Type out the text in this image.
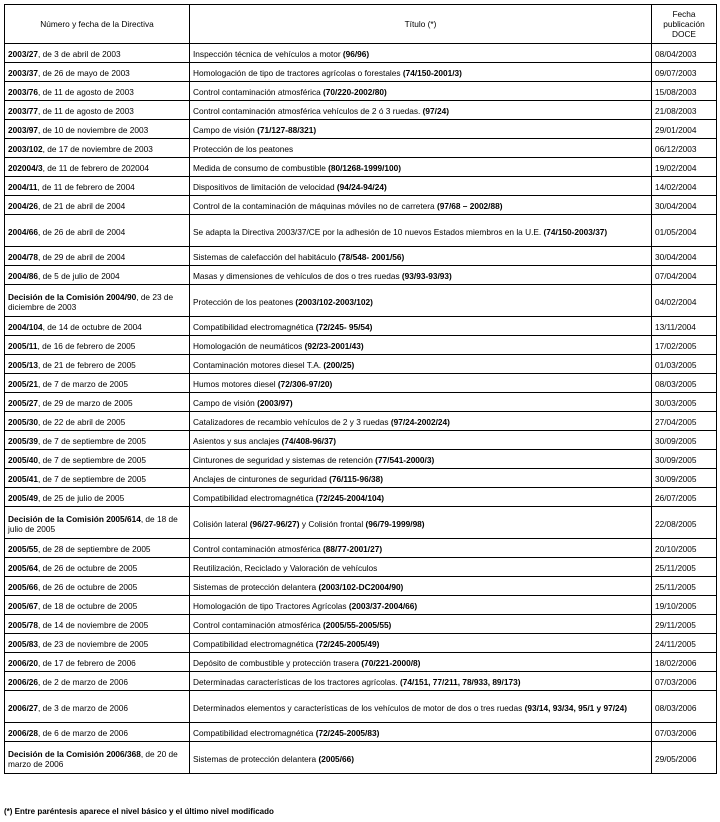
Número y fecha de la Directiva	Título (*)	Fecha publicación DOCE
2003/27, de 3 de abril de 2003	Inspección técnica de vehículos a motor (96/96)	08/04/2003
2003/37, de 26 de mayo de 2003	Homologación de tipo de tractores agrícolas o forestales (74/150-2001/3)	09/07/2003
2003/76, de 11 de agosto de 2003	Control contaminación atmosférica (70/220-2002/80)	15/08/2003
2003/77, de 11 de agosto de 2003	Control contaminación atmosférica vehículos de 2 ó 3 ruedas. (97/24)	21/08/2003
2003/97, de 10 de noviembre de 2003	Campo de visión (71/127-88/321)	29/01/2004
2003/102, de 17 de noviembre de 2003	Protección de los peatones	06/12/2003
202004/3, de 11 de febrero de 202004	Medida de consumo de combustible (80/1268-1999/100)	19/02/2004
2004/11, de 11 de febrero de 2004	Dispositivos de limitación de velocidad (94/24-94/24)	14/02/2004
2004/26, de 21 de abril de 2004	Control de la contaminación de máquinas móviles no de carretera (97/68 – 2002/88)	30/04/2004
2004/66, de 26 de abril de 2004	Se adapta la Directiva 2003/37/CE por la adhesión de 10 nuevos Estados miembros en la U.E. (74/150-2003/37)	01/05/2004
2004/78, de 29 de abril de 2004	Sistemas de calefacción del habitáculo (78/548- 2001/56)	30/04/2004
2004/86, de 5 de julio de 2004	Masas y dimensiones de vehículos de dos o tres ruedas (93/93-93/93)	07/04/2004
Decisión de la Comisión 2004/90, de 23 de diciembre de 2003	Protección de los peatones (2003/102-2003/102)	04/02/2004
2004/104, de 14 de octubre de 2004	Compatibilidad electromagnética (72/245- 95/54)	13/11/2004
2005/11, de 16 de febrero de 2005	Homologación de neumáticos (92/23-2001/43)	17/02/2005
2005/13, de 21 de febrero de 2005	Contaminación motores diesel T.A. (200/25)	01/03/2005
2005/21, de 7 de marzo de 2005	Humos motores diesel (72/306-97/20)	08/03/2005
2005/27, de 29 de marzo de 2005	Campo de visión (2003/97)	30/03/2005
2005/30, de 22 de abril de 2005	Catalizadores de recambio vehículos de 2 y 3 ruedas (97/24-2002/24)	27/04/2005
2005/39, de 7 de septiembre de 2005	Asientos y sus anclajes (74/408-96/37)	30/09/2005
2005/40, de 7 de septiembre de 2005	Cinturones de seguridad y sistemas de retención (77/541-2000/3)	30/09/2005
2005/41, de 7 de septiembre de 2005	Anclajes de cinturones de seguridad (76/115-96/38)	30/09/2005
2005/49, de 25 de julio de 2005	Compatibilidad electromagnética (72/245-2004/104)	26/07/2005
Decisión de la Comisión 2005/614, de 18 de julio de 2005	Colisión lateral (96/27-96/27) y Colisión frontal (96/79-1999/98)	22/08/2005
2005/55, de 28 de septiembre de 2005	Control contaminación atmosférica (88/77-2001/27)	20/10/2005
2005/64, de 26 de octubre de 2005	Reutilización, Reciclado y Valoración de vehículos	25/11/2005
2005/66, de 26 de octubre de 2005	Sistemas de protección delantera (2003/102-DC2004/90)	25/11/2005
2005/67, de 18 de octubre de 2005	Homologación de tipo Tractores Agrícolas (2003/37-2004/66)	19/10/2005
2005/78, de 14 de noviembre de 2005	Control contaminación atmosférica (2005/55-2005/55)	29/11/2005
2005/83, de 23 de noviembre de 2005	Compatibilidad electromagnética (72/245-2005/49)	24/11/2005
2006/20, de 17 de febrero de 2006	Depósito de combustible y protección trasera (70/221-2000/8)	18/02/2006
2006/26, de 2 de marzo de 2006	Determinadas características de los tractores agrícolas. (74/151, 77/211, 78/933, 89/173)	07/03/2006
2006/27, de 3 de marzo de 2006	Determinados elementos y características de los vehículos de motor de dos o tres ruedas (93/14, 93/34, 95/1 y 97/24)	08/03/2006
2006/28, de 6 de marzo de 2006	Compatibilidad electromagnética (72/245-2005/83)	07/03/2006
Decisión de la Comisión 2006/368, de 20 de marzo de 2006	Sistemas de protección delantera (2005/66)	29/05/2006
(*) Entre paréntesis aparece el nivel básico y el último nivel modificado
